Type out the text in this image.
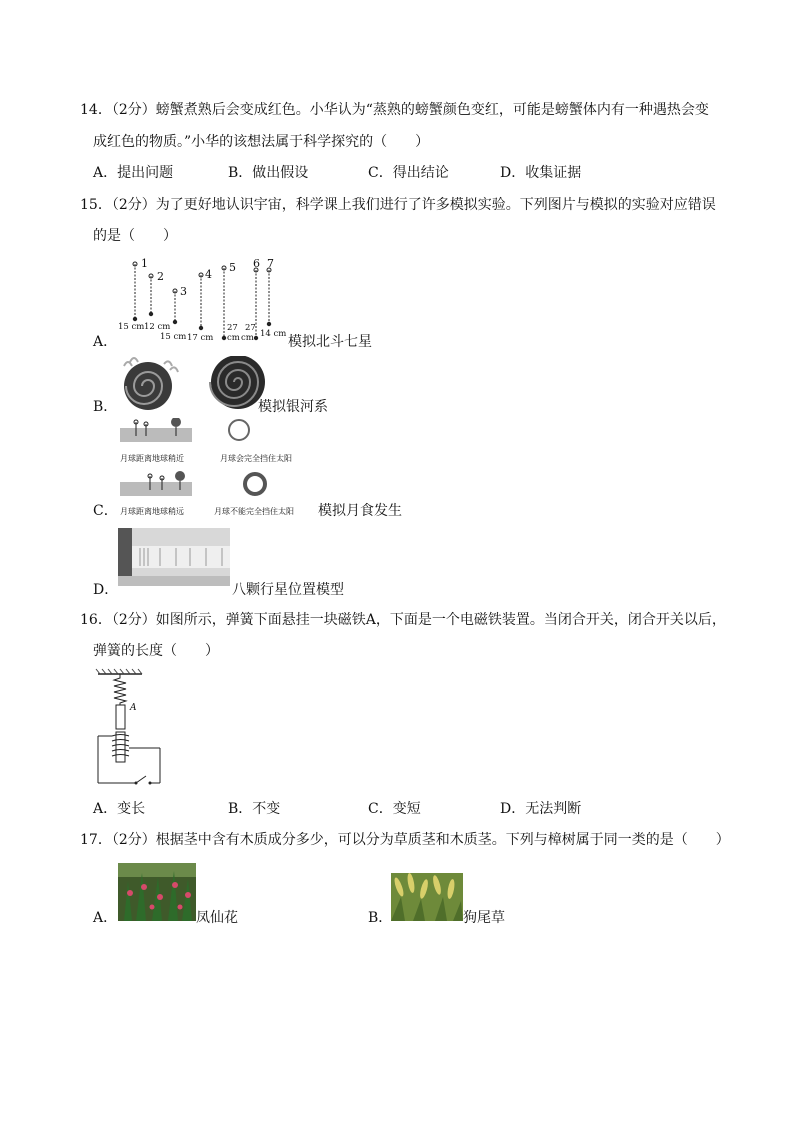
14．（2分）螃蟹煮熟后会变成红色。小华认为“蒸熟的螃蟹颜色变红，可能是螃蟹体内有一种遇热会变
成红色的物质。”小华的该想法属于科学探究的（　　）
A．提出问题	B．做出假设	C．得出结论	D．收集证据
15．（2分）为了更好地认识宇宙，科学课上我们进行了许多模拟实验。下列图片与模拟的实验对应错误
的是（　　）
1
2
3
4
5 6 7
15 cm 12 cm
15 cm 17 cm
27
cm
27
cm 14 cm
A．	模拟北斗七星
B．	模拟银河系
月球距离地球稍近	月球会完全挡住太阳
月球距离地球稍远	月球不能完全挡住太阳
C．	模拟月食发生
D．	八颗行星位置模型
16．（2分）如图所示，弹簧下面悬挂一块磁铁A，下面是一个电磁铁装置。当闭合开关，闭合开关以后，
弹簧的长度（　　）
A
A．变长	B．不变	C．变短	D．无法判断
17．（2分）根据茎中含有木质成分多少，可以分为草质茎和木质茎。下列与樟树属于同一类的是（　　）
A．	凤仙花	B．	狗尾草
